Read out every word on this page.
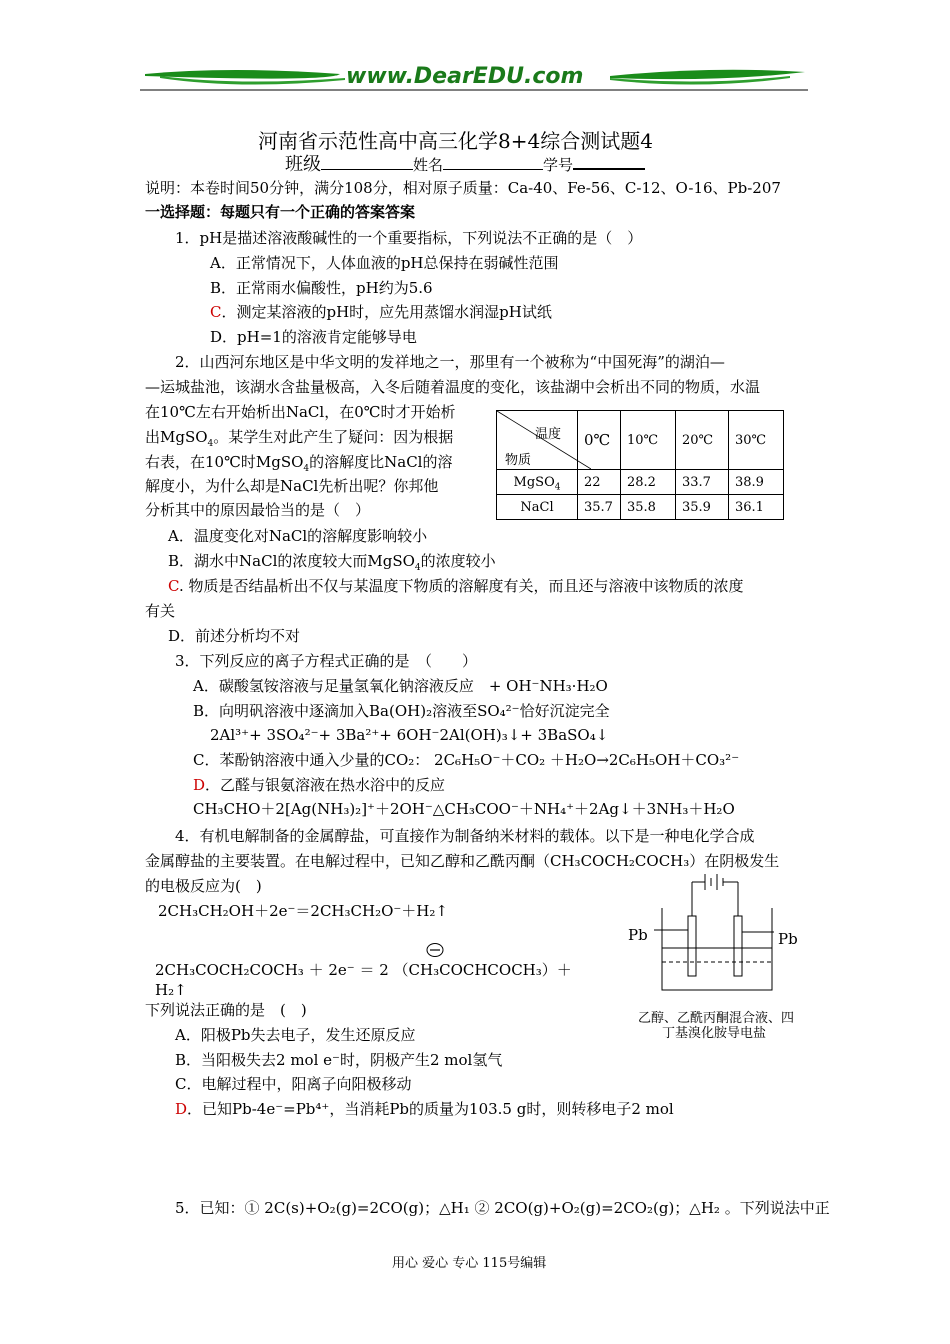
www.DearEDU.com
河南省示范性高中高三化学8+4综合测试题4
班级	姓名	学号
说明：本卷时间50分钟，满分108分，相对原子质量：Ca-40、Fe-56、C-12、O-16、Pb-207
一选择题：每题只有一个正确的答案答案
1．pH是描述溶液酸碱性的一个重要指标，下列说法不正确的是（　）
A．正常情况下，人体血液的pH总保持在弱碱性范围
B．正常雨水偏酸性，pH约为5.6
C．测定某溶液的pH时，应先用蒸馏水润湿pH试纸
D．pH=1的溶液肯定能够导电
2．山西河东地区是中华文明的发祥地之一，那里有一个被称为“中国死海”的湖泊—
—运城盐池，该湖水含盐量极高，入冬后随着温度的变化，该盐湖中会析出不同的物质，水温
在10℃左右开始析出NaCl，在0℃时才开始析
出MgSO$_4$。某学生对此产生了疑问：因为根据
右表，在10℃时MgSO$_4$的溶解度比NaCl的溶
解度小，为什么却是NaCl先析出呢？你邦他
分析其中的原因最恰当的是（　）
温度
物质	0℃	10℃	20℃	30℃
MgSO$_4$	22	28.2	33.7	38.9
NaCl	35.7	35.8	35.9	36.1
A．温度变化对NaCl的溶解度影响较小
B．湖水中NaCl的浓度较大而MgSO$_4$的浓度较小
C. 物质是否结晶析出不仅与某温度下物质的溶解度有关，而且还与溶液中该物质的浓度
有关
D．前述分析均不对
3．下列反应的离子方程式正确的是　（　　）
A．碳酸氢铵溶液与足量氢氧化钠溶液反应　+ OH⁻NH₃·H₂O
B．向明矾溶液中逐滴加入Ba(OH)₂溶液至SO₄²⁻恰好沉淀完全
2Al³⁺+ 3SO₄²⁻+ 3Ba²⁺+ 6OH⁻2Al(OH)₃↓+ 3BaSO₄↓
C．苯酚钠溶液中通入少量的CO₂： 2C₆H₅O⁻＋CO₂ ＋H₂O→2C₆H₅OH＋CO₃²⁻
D．乙醛与银氨溶液在热水浴中的反应
CH₃CHO＋2[Ag(NH₃)₂]⁺＋2OH⁻△CH₃COO⁻＋NH₄⁺＋2Ag↓＋3NH₃＋H₂O
4．有机电解制备的金属醇盐，可直接作为制备纳米材料的载体。以下是一种电化学合成
金属醇盐的主要装置。在电解过程中，已知乙醇和乙酰丙酮（CH₃COCH₂COCH₃）在阴极发生
的电极反应为(　)
2CH₃CH₂OH＋2e⁻＝2CH₃CH₂O⁻＋H₂↑
2CH₃COCH₂COCH₃ ＋ 2e⁻ ＝ 2 （CH₃COCHCOCH₃）＋
H₂↑
Pb	Pb
乙醇、乙酰丙酮混合液、四
丁基溴化胺导电盐
下列说法正确的是　(　)
A．阳极Pb失去电子，发生还原反应
B．当阳极失去2 mol e⁻时，阴极产生2 mol氢气
C．电解过程中，阳离子向阳极移动
D．已知Pb-4e⁻=Pb⁴⁺，当消耗Pb的质量为103.5 g时，则转移电子2 mol
5．已知：① 2C(s)+O₂(g)=2CO(g)；△H₁ ② 2CO(g)+O₂(g)=2CO₂(g)；△H₂ 。下列说法中正
用心 爱心 专心 115号编辑
